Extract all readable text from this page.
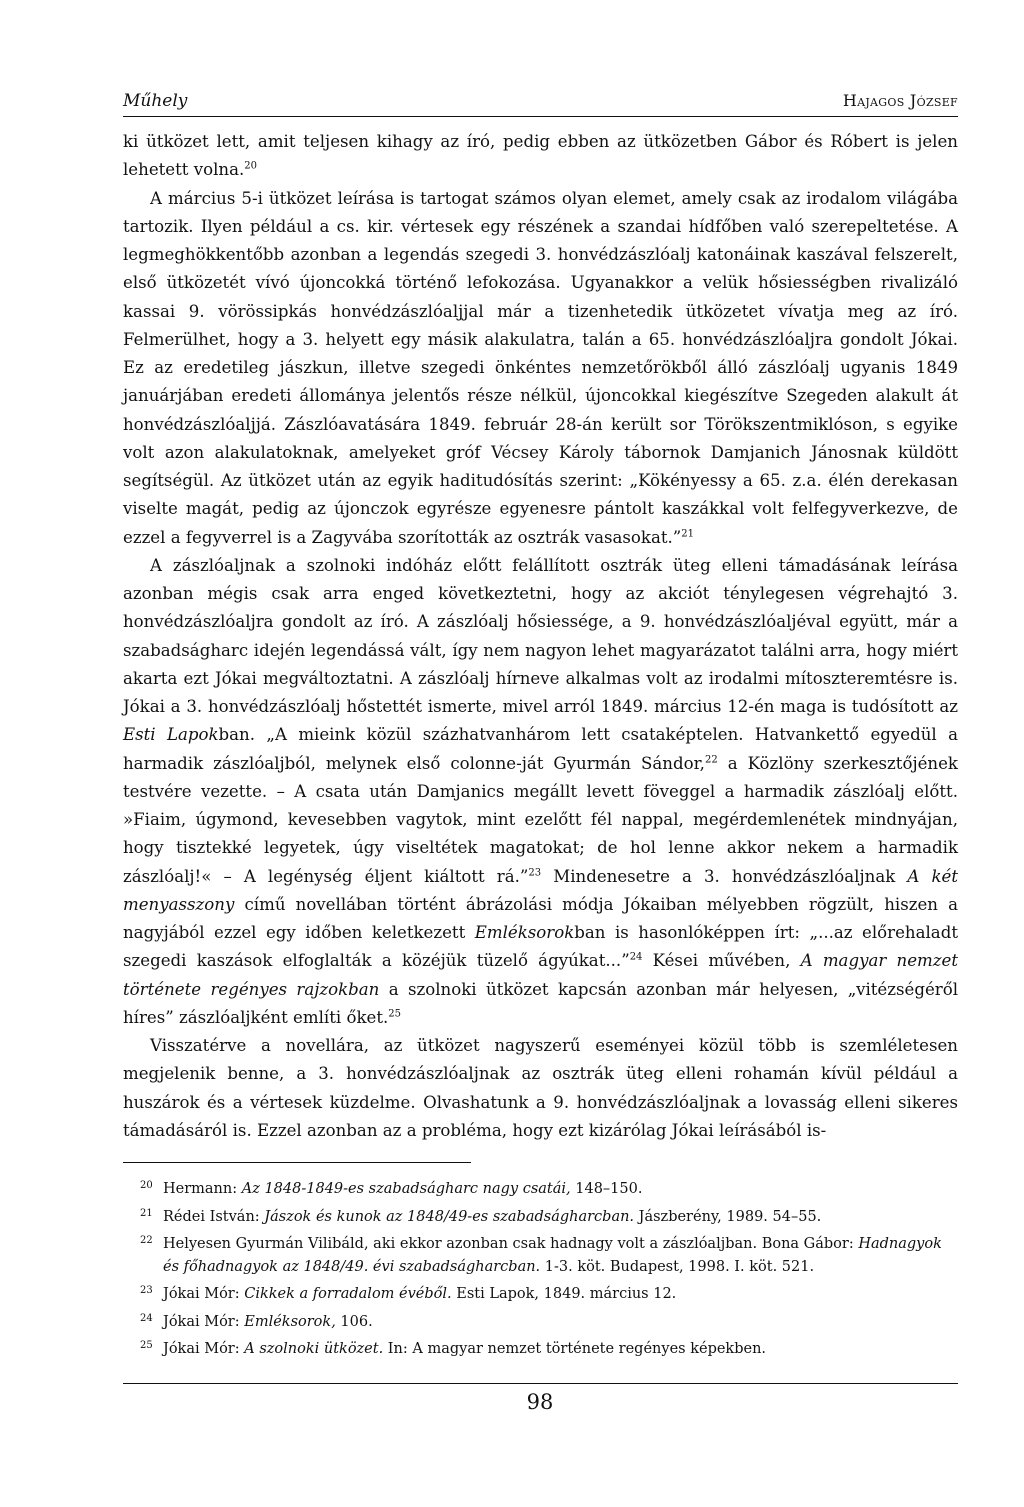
Műhely	Hajagos József

ki ütközet lett, amit teljesen kihagy az író, pedig ebben az ütközetben Gábor és Róbert is jelen lehetett volna.$^{20}$

A március 5-i ütközet leírása is tartogat számos olyan elemet, amely csak az irodalom világába tartozik. Ilyen például a cs. kir. vértesek egy részének a szandai hídfőben való szerepeltetése. A legmeghökkentőbb azonban a legendás szegedi 3. honvédzászlóalj katonáinak kaszával felszerelt, első ütközetét vívó újoncokká történő lefokozása. Ugyanakkor a velük hősiességben rivalizáló kassai 9. vörössipkás honvédzászlóaljjal már a tizenhetedik ütközetet vívatja meg az író. Felmerülhet, hogy a 3. helyett egy másik alakulatra, talán a 65. honvédzászlóaljra gondolt Jókai. Ez az eredetileg jászkun, illetve szegedi önkéntes nemzetőrökből álló zászlóalj ugyanis 1849 januárjában eredeti állománya jelentős része nélkül, újoncokkal kiegészítve Szegeden alakult át honvédzászlóaljjá. Zászlóavatására 1849. február 28-án került sor Törökszentmiklóson, s egyike volt azon alakulatoknak, amelyeket gróf Vécsey Károly tábornok Damjanich Jánosnak küldött segítségül. Az ütközet után az egyik haditudósítás szerint: „Kökényessy a 65. z.a. élén derekasan viselte magát, pedig az újonczok egyrésze egyenesre pántolt kaszákkal volt felfegyverkezve, de ezzel a fegyverrel is a Zagyvába szorították az osztrák vasasokat.”$^{21}$

A zászlóaljnak a szolnoki indóház előtt felállított osztrák üteg elleni támadásának leírása azonban mégis csak arra enged következtetni, hogy az akciót ténylegesen végrehajtó 3. honvédzászlóaljra gondolt az író. A zászlóalj hősiessége, a 9. honvédzászlóaljéval együtt, már a szabadságharc idején legendássá vált, így nem nagyon lehet magyarázatot találni arra, hogy miért akarta ezt Jókai megváltoztatni. A zászlóalj hírneve alkalmas volt az irodalmi mítoszteremtésre is. Jókai a 3. honvédzászlóalj hőstettét ismerte, mivel arról 1849. március 12-én maga is tudósított az Esti Lapokban. „A mieink közül százhatvanhárom lett csataképtelen. Hatvankettő egyedül a harmadik zászlóaljból, melynek első colonne-ját Gyurmán Sándor,$^{22}$ a Közlöny szerkesztőjének testvére vezette. – A csata után Damjanics megállt levett föveggel a harmadik zászlóalj előtt. »Fiaim, úgymond, kevesebben vagytok, mint ezelőtt fél nappal, megérdemlenétek mindnyájan, hogy tisztekké legyetek, úgy viseltétek magatokat; de hol lenne akkor nekem a harmadik zászlóalj!« – A legénység éljent kiáltott rá.”$^{23}$ Mindenesetre a 3. honvédzászlóaljnak A két menyasszony című novellában történt ábrázolási módja Jókaiban mélyebben rögzült, hiszen a nagyjából ezzel egy időben keletkezett Emléksorokban is hasonlóképpen írt: „...az előrehaladt szegedi kaszások elfoglalták a közéjük tüzelő ágyúkat...”$^{24}$ Kései művében, A magyar nemzet története regényes rajzokban a szolnoki ütközet kapcsán azonban már helyesen, „vitézségéről híres” zászlóaljként említi őket.$^{25}$

Visszatérve a novellára, az ütközet nagyszerű eseményei közül több is szemléletesen megjelenik benne, a 3. honvédzászlóaljnak az osztrák üteg elleni rohamán kívül például a huszárok és a vértesek küzdelme. Olvashatunk a 9. honvédzászlóaljnak a lovasság elleni sikeres támadásáról is. Ezzel azonban az a probléma, hogy ezt kizárólag Jókai leírásából is-

20 Hermann: Az 1848-1849-es szabadságharc nagy csatái, 148–150.
21 Rédei István: Jászok és kunok az 1848/49-es szabadságharcban. Jászberény, 1989. 54–55.
22 Helyesen Gyurmán Vilibáld, aki ekkor azonban csak hadnagy volt a zászlóaljban. Bona Gábor: Hadnagyok és főhadnagyok az 1848/49. évi szabadságharcban. 1-3. köt. Budapest, 1998. I. köt. 521.
23 Jókai Mór: Cikkek a forradalom évéből. Esti Lapok, 1849. március 12.
24 Jókai Mór: Emléksorok, 106.
25 Jókai Mór: A szolnoki ütközet. In: A magyar nemzet története regényes képekben.
98
